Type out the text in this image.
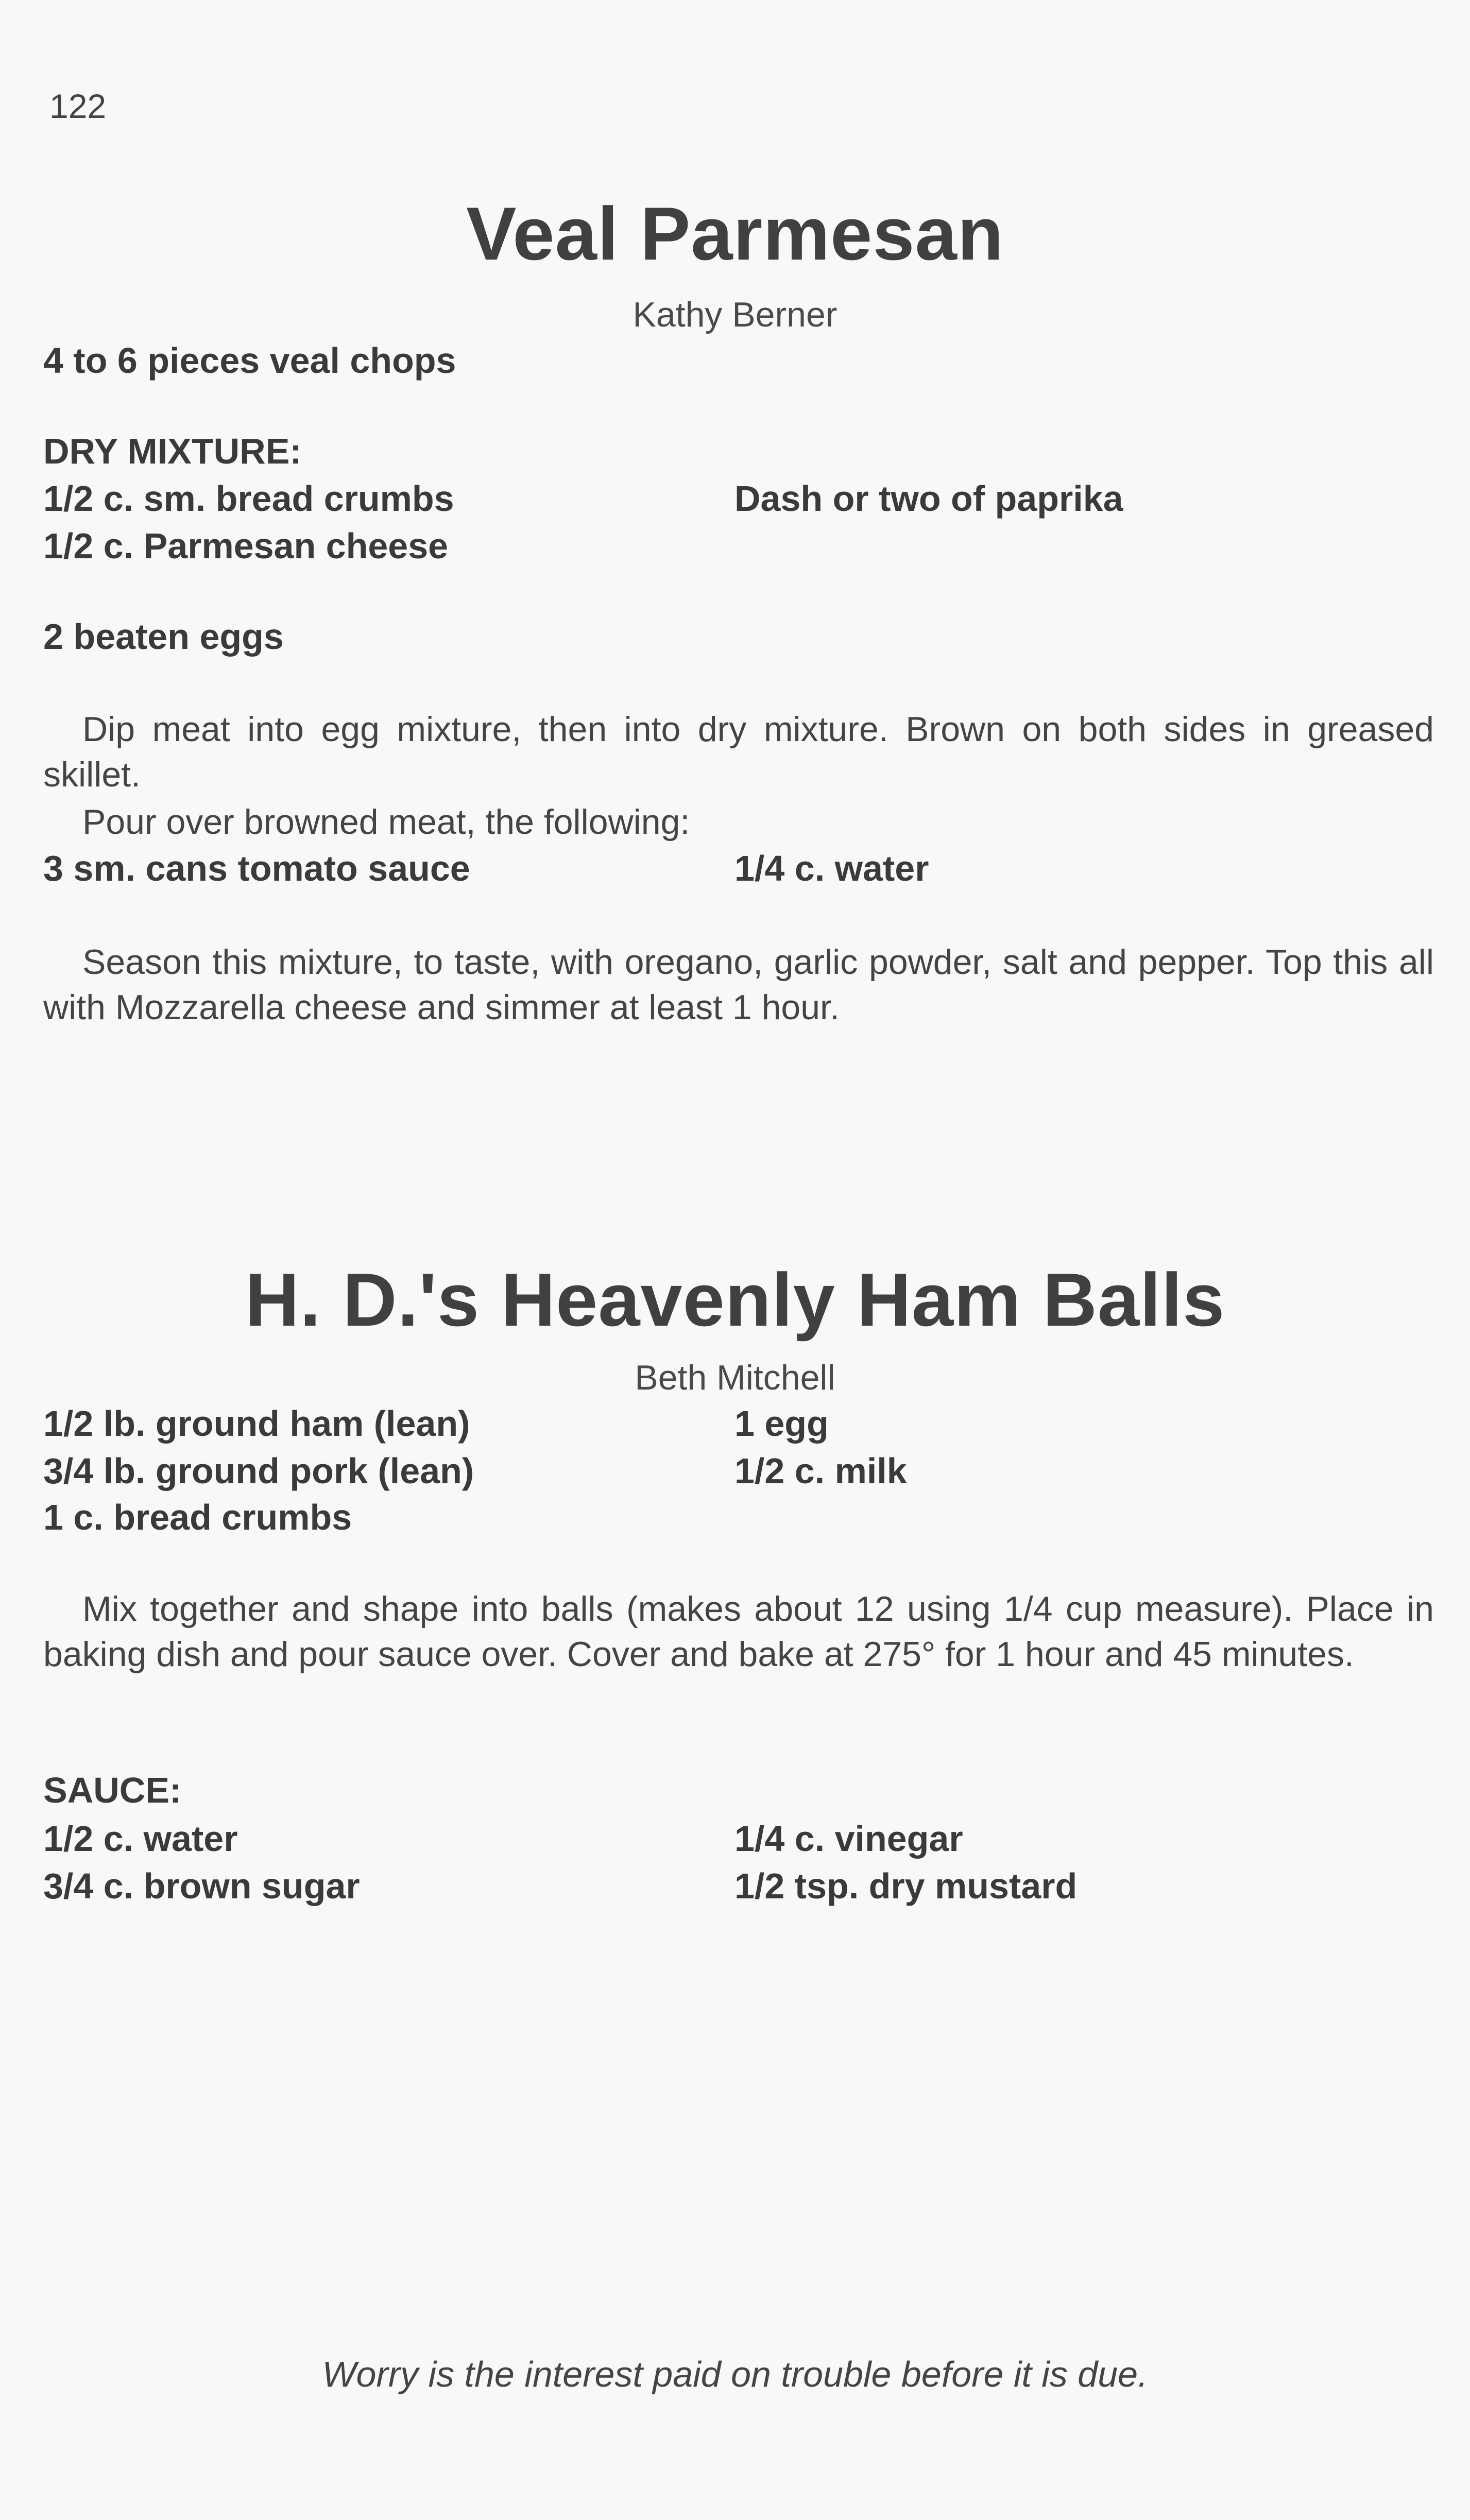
122
Veal Parmesan
Kathy Berner
4 to 6 pieces veal chops
DRY MIXTURE:
1/2 c. sm. bread crumbs
1/2 c. Parmesan cheese
Dash or two of paprika
2 beaten eggs
Dip meat into egg mixture, then into dry mixture. Brown on both sides in greased skillet.
Pour over browned meat, the following:
3 sm. cans tomato sauce	1/4 c. water
Season this mixture, to taste, with oregano, garlic powder, salt and pepper. Top this all with Mozzarella cheese and simmer at least 1 hour.
H. D.'s Heavenly Ham Balls
Beth Mitchell
1/2 lb. ground ham (lean)
3/4 lb. ground pork (lean)
1 c. bread crumbs
1 egg
1/2 c. milk
Mix together and shape into balls (makes about 12 using 1/4 cup measure). Place in baking dish and pour sauce over. Cover and bake at 275° for 1 hour and 45 minutes.
SAUCE:
1/2 c. water
3/4 c. brown sugar
1/4 c. vinegar
1/2 tsp. dry mustard
Worry is the interest paid on trouble before it is due.
